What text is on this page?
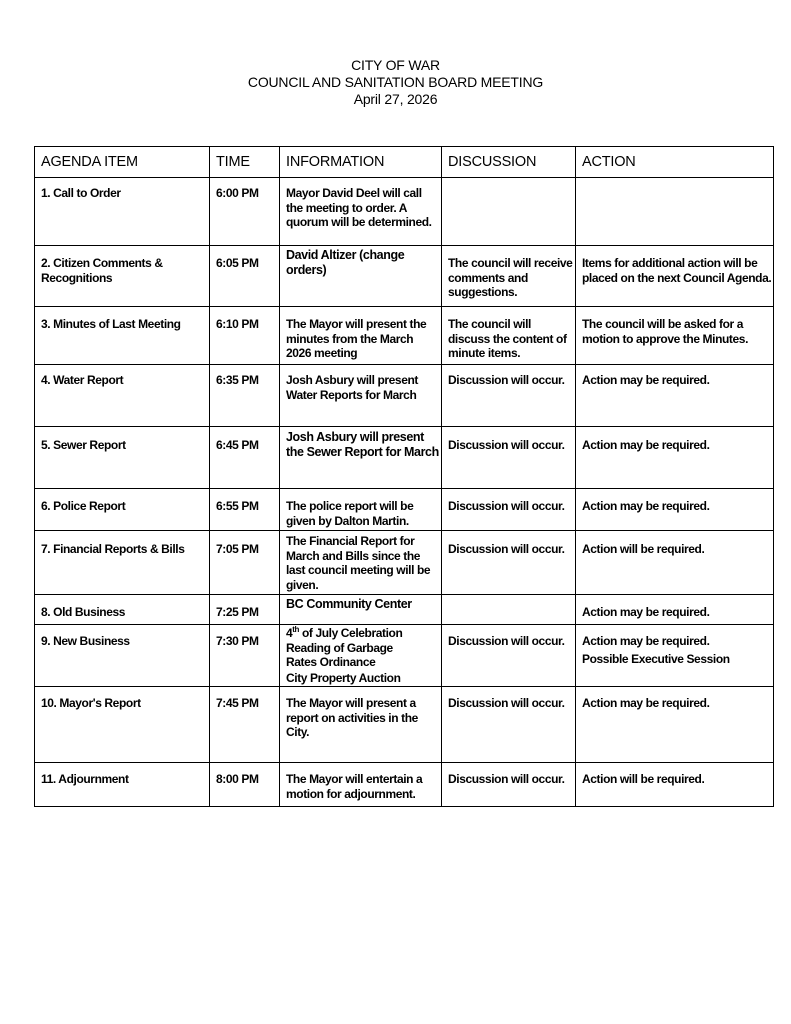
CITY OF WAR
COUNCIL AND SANITATION BOARD MEETING
April 27, 2026
AGENDA ITEM	TIME	INFORMATION	DISCUSSION	ACTION
1. Call to Order	6:00 PM	Mayor David Deel will call the meeting to order. A quorum will be determined.		
2. Citizen Comments & Recognitions	6:05 PM	David Altizer (change orders)	The council will receive comments and suggestions.	Items for additional action will be placed on the next Council Agenda.
3. Minutes of Last Meeting	6:10 PM	The Mayor will present the minutes from the March 2026 meeting	The council will discuss the content of minute items.	The council will be asked for a motion to approve the Minutes.
4. Water Report	6:35 PM	Josh Asbury will present Water Reports for March	Discussion will occur.	Action may be required.
5. Sewer Report	6:45 PM	Josh Asbury will present the Sewer Report for March	Discussion will occur.	Action may be required.
6. Police Report	6:55 PM	The police report will be given by Dalton Martin.	Discussion will occur.	Action may be required.
7. Financial Reports & Bills	7:05 PM	The Financial Report for March and Bills since the last council meeting will be given.	Discussion will occur.	Action will be required.
8. Old Business	7:25 PM	BC Community Center		Action may be required.
9. New Business	7:30 PM	4th of July Celebration
Reading of Garbage
Rates Ordinance
City Property Auction	Discussion will occur.	Action may be required.
Possible Executive Session

10. Mayor's Report	7:45 PM	The Mayor will present a report on activities in the City.	Discussion will occur.	Action may be required.
11. Adjournment	8:00 PM	The Mayor will entertain a motion for adjournment.	Discussion will occur.	Action will be required.
